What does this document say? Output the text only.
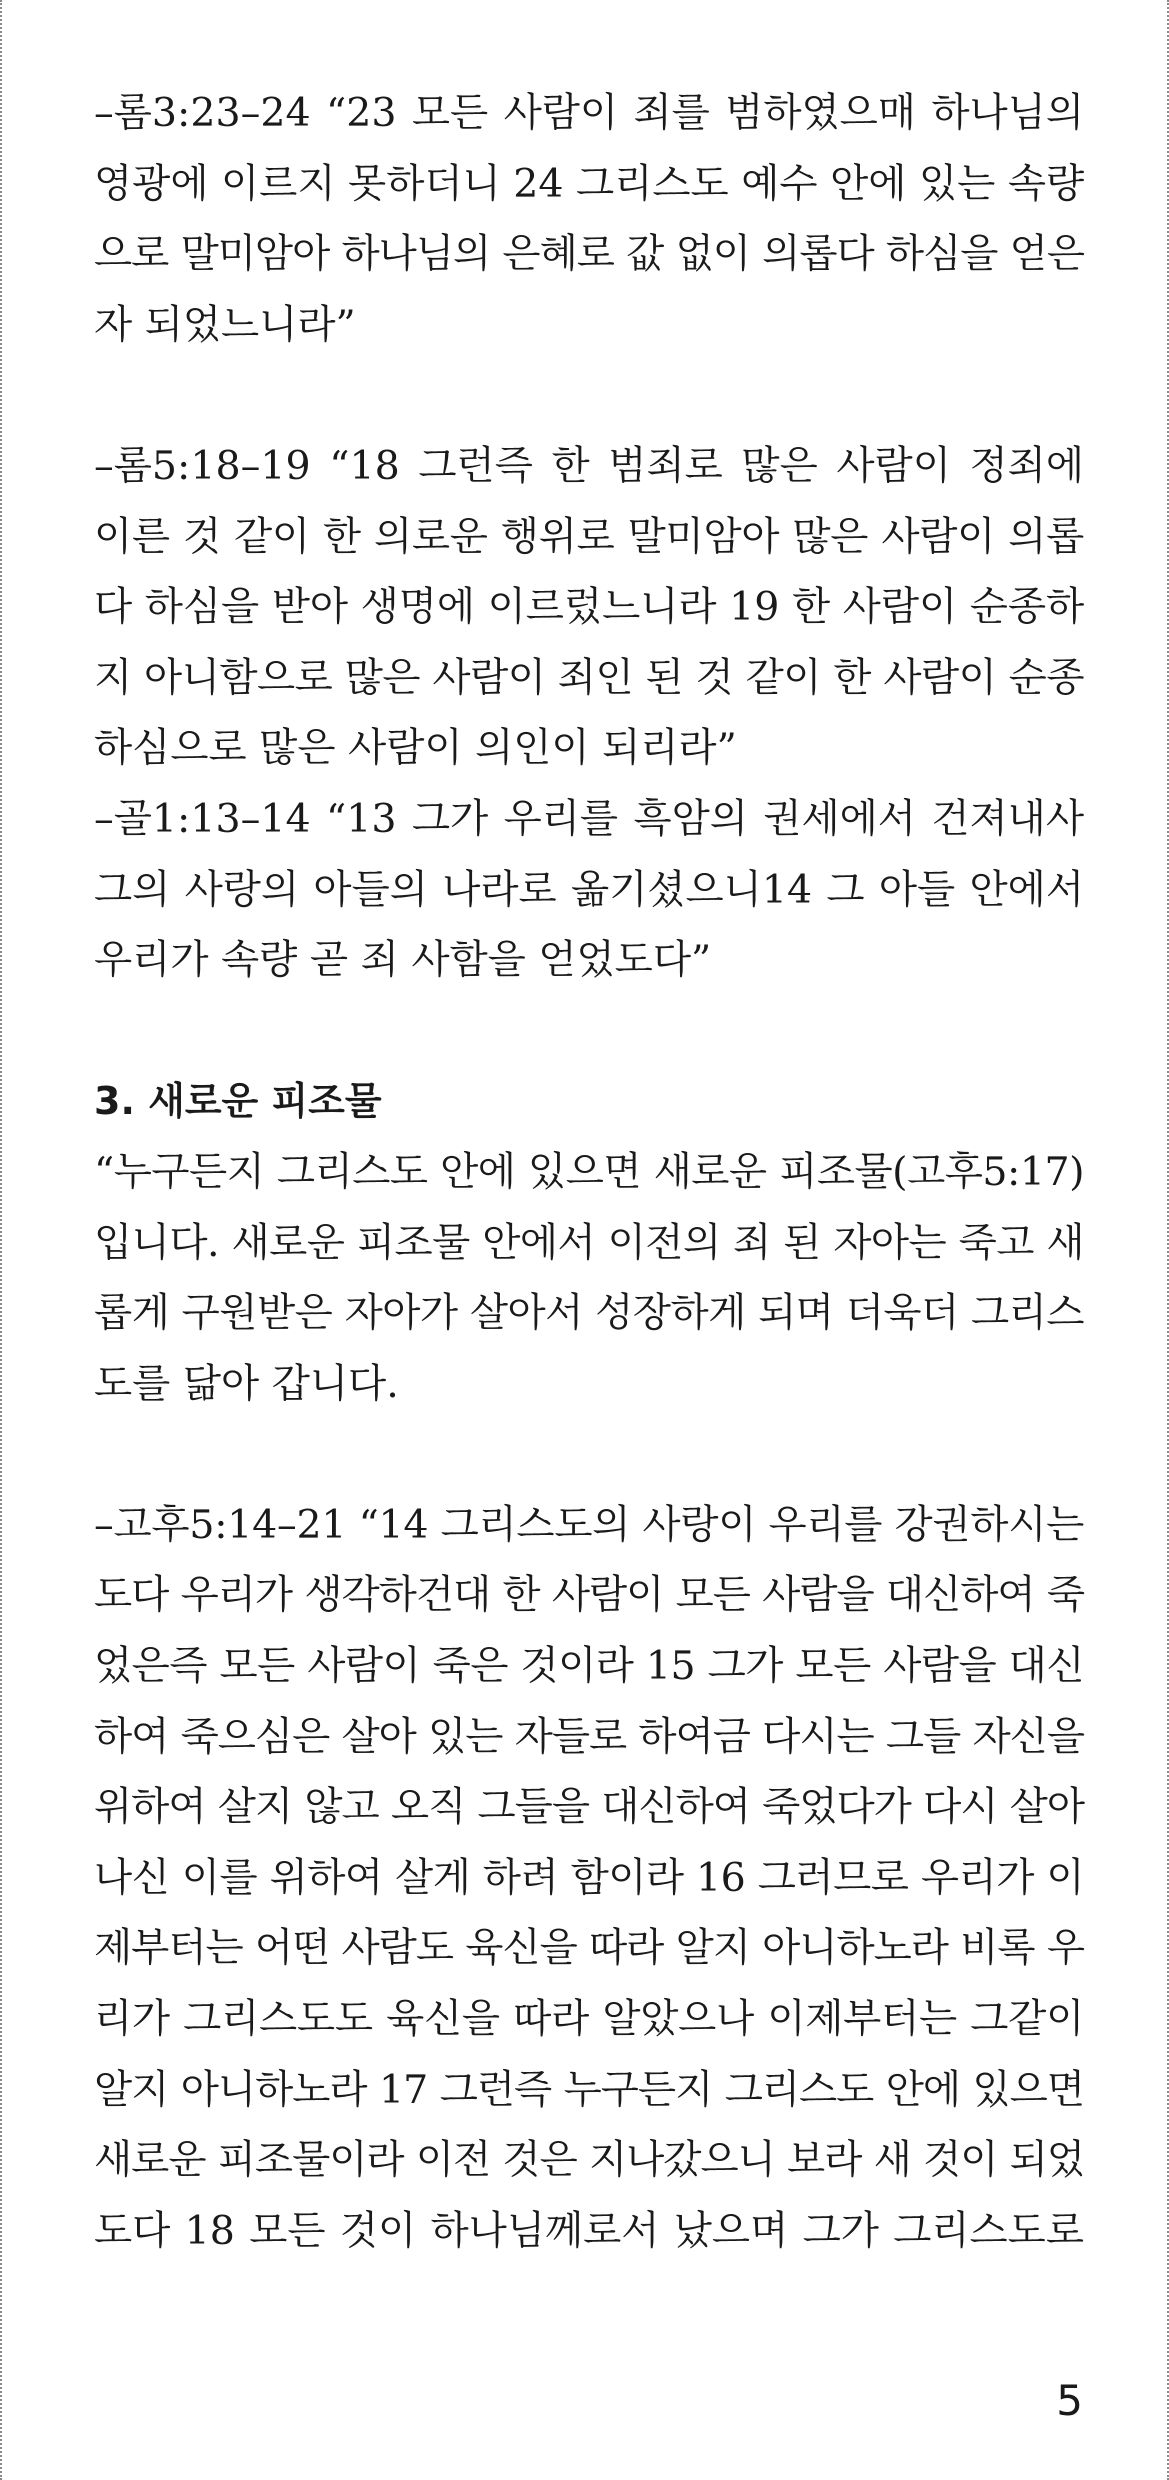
–롬3:23–24 “23 모든 사람이 죄를 범하였으매 하나님의
영광에 이르지 못하더니 24 그리스도 예수 안에 있는 속량
으로 말미암아 하나님의 은혜로 값 없이 의롭다 하심을 얻은
자 되었느니라”
–롬5:18–19 “18 그런즉 한 범죄로 많은 사람이 정죄에
이른 것 같이 한 의로운 행위로 말미암아 많은 사람이 의롭
다 하심을 받아 생명에 이르렀느니라 19 한 사람이 순종하
지 아니함으로 많은 사람이 죄인 된 것 같이 한 사람이 순종
하심으로 많은 사람이 의인이 되리라”
–골1:13–14 “13 그가 우리를 흑암의 권세에서 건져내사
그의 사랑의 아들의 나라로 옮기셨으니14 그 아들 안에서
우리가 속량 곧 죄 사함을 얻었도다”
3. 새로운 피조물
“누구든지 그리스도 안에 있으면 새로운 피조물(고후5:17)
입니다. 새로운 피조물 안에서 이전의 죄 된 자아는 죽고 새
롭게 구원받은 자아가 살아서 성장하게 되며 더욱더 그리스
도를 닮아 갑니다.
–고후5:14–21 “14 그리스도의 사랑이 우리를 강권하시는
도다 우리가 생각하건대 한 사람이 모든 사람을 대신하여 죽
었은즉 모든 사람이 죽은 것이라 15 그가 모든 사람을 대신
하여 죽으심은 살아 있는 자들로 하여금 다시는 그들 자신을
위하여 살지 않고 오직 그들을 대신하여 죽었다가 다시 살아
나신 이를 위하여 살게 하려 함이라 16 그러므로 우리가 이
제부터는 어떤 사람도 육신을 따라 알지 아니하노라 비록 우
리가 그리스도도 육신을 따라 알았으나 이제부터는 그같이
알지 아니하노라 17 그런즉 누구든지 그리스도 안에 있으면
새로운 피조물이라 이전 것은 지나갔으니 보라 새 것이 되었
도다 18 모든 것이 하나님께로서 났으며 그가 그리스도로
5
